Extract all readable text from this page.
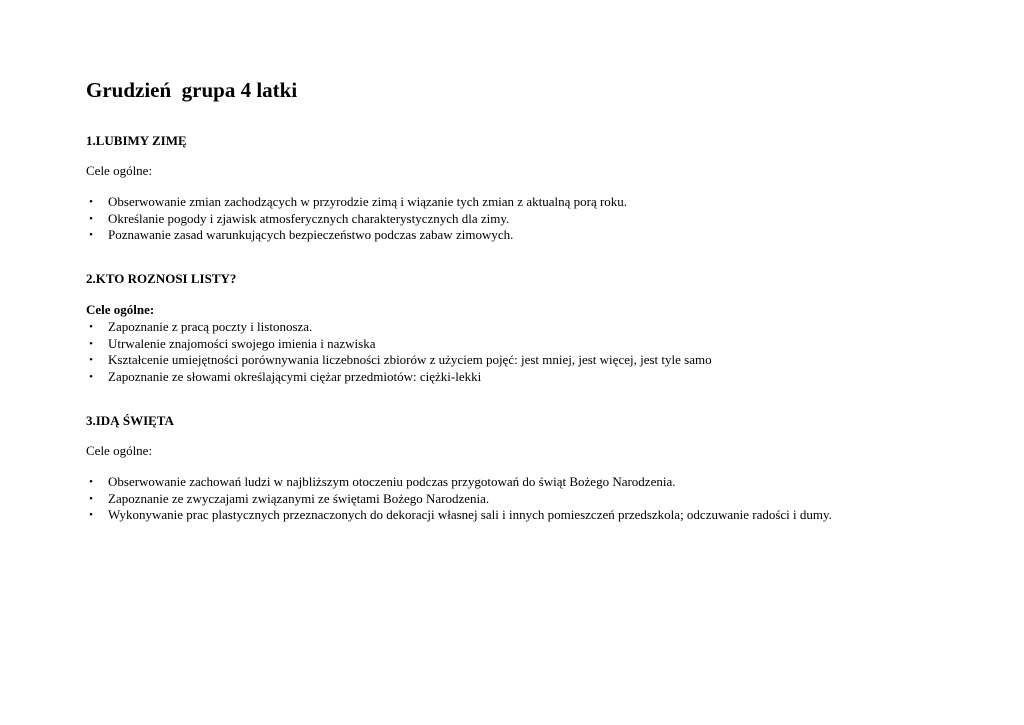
Grudzień  grupa 4 latki
1.LUBIMY ZIMĘ
Cele ogólne:
• Obserwowanie zmian zachodzących w przyrodzie zimą i wiązanie tych zmian z aktualną porą roku.
• Określanie pogody i zjawisk atmosferycznych charakterystycznych dla zimy.
• Poznawanie zasad warunkujących bezpieczeństwo podczas zabaw zimowych.
2.KTO ROZNOSI LISTY?
Cele ogólne:
• Zapoznanie z pracą poczty i listonosza.
• Utrwalenie znajomości swojego imienia i nazwiska
• Kształcenie umiejętności porównywania liczebności zbiorów z użyciem pojęć: jest mniej, jest więcej, jest tyle samo
• Zapoznanie ze słowami określającymi ciężar przedmiotów: ciężki-lekki
3.IDĄ ŚWIĘTA
Cele ogólne:
• Obserwowanie zachowań ludzi w najbliższym otoczeniu podczas przygotowań do świąt Bożego Narodzenia.
• Zapoznanie ze zwyczajami związanymi ze świętami Bożego Narodzenia.
• Wykonywanie prac plastycznych przeznaczonych do dekoracji własnej sali i innych pomieszczeń przedszkola; odczuwanie radości i dumy.
